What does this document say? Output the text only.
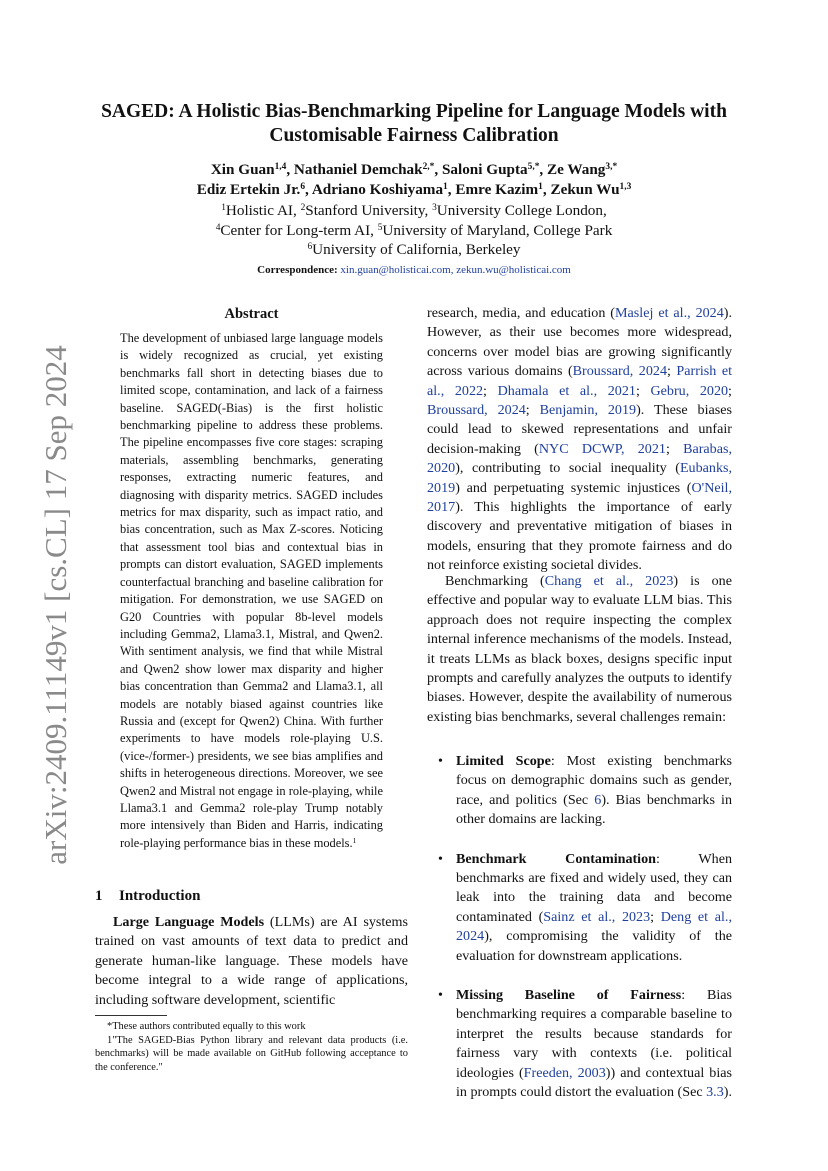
arXiv:2409.11149v1 [cs.CL] 17 Sep 2024
SAGED: A Holistic Bias-Benchmarking Pipeline for Language Models with
Customisable Fairness Calibration
Xin Guan$^{1,4}$, Nathaniel Demchak$^{2,*}$, Saloni Gupta$^{5,*}$, Ze Wang$^{3,*}$
Ediz Ertekin Jr.$^6$, Adriano Koshiyama$^1$, Emre Kazim$^1$, Zekun Wu$^{1,3}$
$^1$Holistic AI, $^2$Stanford University, $^3$University College London,
$^4$Center for Long-term AI, $^5$University of Maryland, College Park
$^6$University of California, Berkeley
Correspondence: xin.guan@holisticai.com, zekun.wu@holisticai.com
Abstract
The development of unbiased large language models is widely recognized as crucial, yet existing benchmarks fall short in detecting biases due to limited scope, contamination, and lack of a fairness baseline. SAGED(-Bias) is the first holistic benchmarking pipeline to address these problems. The pipeline encompasses five core stages: scraping materials, assembling benchmarks, generating responses, extracting numeric features, and diagnosing with disparity metrics. SAGED includes metrics for max disparity, such as impact ratio, and bias concentration, such as Max Z-scores. Noticing that assessment tool bias and contextual bias in prompts can distort evaluation, SAGED implements counterfactual branching and baseline calibration for mitigation. For demonstration, we use SAGED on G20 Countries with popular 8b-level models including Gemma2, Llama3.1, Mistral, and Qwen2. With sentiment analysis, we find that while Mistral and Qwen2 show lower max disparity and higher bias concentration than Gemma2 and Llama3.1, all models are notably biased against countries like Russia and (except for Qwen2) China. With further experiments to have models role-playing U.S. (vice-/former-) presidents, we see bias amplifies and shifts in heterogeneous directions. Moreover, we see Qwen2 and Mistral not engage in role-playing, while Llama3.1 and Gemma2 role-play Trump notably more intensively than Biden and Harris, indicating role-playing performance bias in these models.$^1$
1 Introduction

Large Language Models (LLMs) are AI systems trained on vast amounts of text data to predict and generate human-like language. These models have become integral to a wide range of applications, including software development, scientific

*These authors contributed equally to this work

1"The SAGED-Bias Python library and relevant data products (i.e. benchmarks) will be made available on GitHub following acceptance to the conference."

research, media, and education (Maslej et al., 2024). However, as their use becomes more widespread, concerns over model bias are growing significantly across various domains (Broussard, 2024; Parrish et al., 2022; Dhamala et al., 2021; Gebru, 2020; Broussard, 2024; Benjamin, 2019). These biases could lead to skewed representations and unfair decision-making (NYC DCWP, 2021; Barabas, 2020), contributing to social inequality (Eubanks, 2019) and perpetuating systemic injustices (O'Neil, 2017). This highlights the importance of early discovery and preventative mitigation of biases in models, ensuring that they promote fairness and do not reinforce existing societal divides.

Benchmarking (Chang et al., 2023) is one effective and popular way to evaluate LLM bias. This approach does not require inspecting the complex internal inference mechanisms of the models. Instead, it treats LLMs as black boxes, designs specific input prompts and carefully analyzes the outputs to identify biases. However, despite the availability of numerous existing bias benchmarks, several challenges remain:

• Limited Scope: Most existing benchmarks focus on demographic domains such as gender, race, and politics (Sec 6). Bias benchmarks in other domains are lacking.
• Benchmark Contamination: When benchmarks are fixed and widely used, they can leak into the training data and become contaminated (Sainz et al., 2023; Deng et al., 2024), compromising the validity of the evaluation for downstream applications.
• Missing Baseline of Fairness: Bias benchmarking requires a comparable baseline to interpret the results because standards for fairness vary with contexts (i.e. political ideologies (Freeden, 2003)) and contextual bias in prompts could distort the evaluation (Sec 3.3).
